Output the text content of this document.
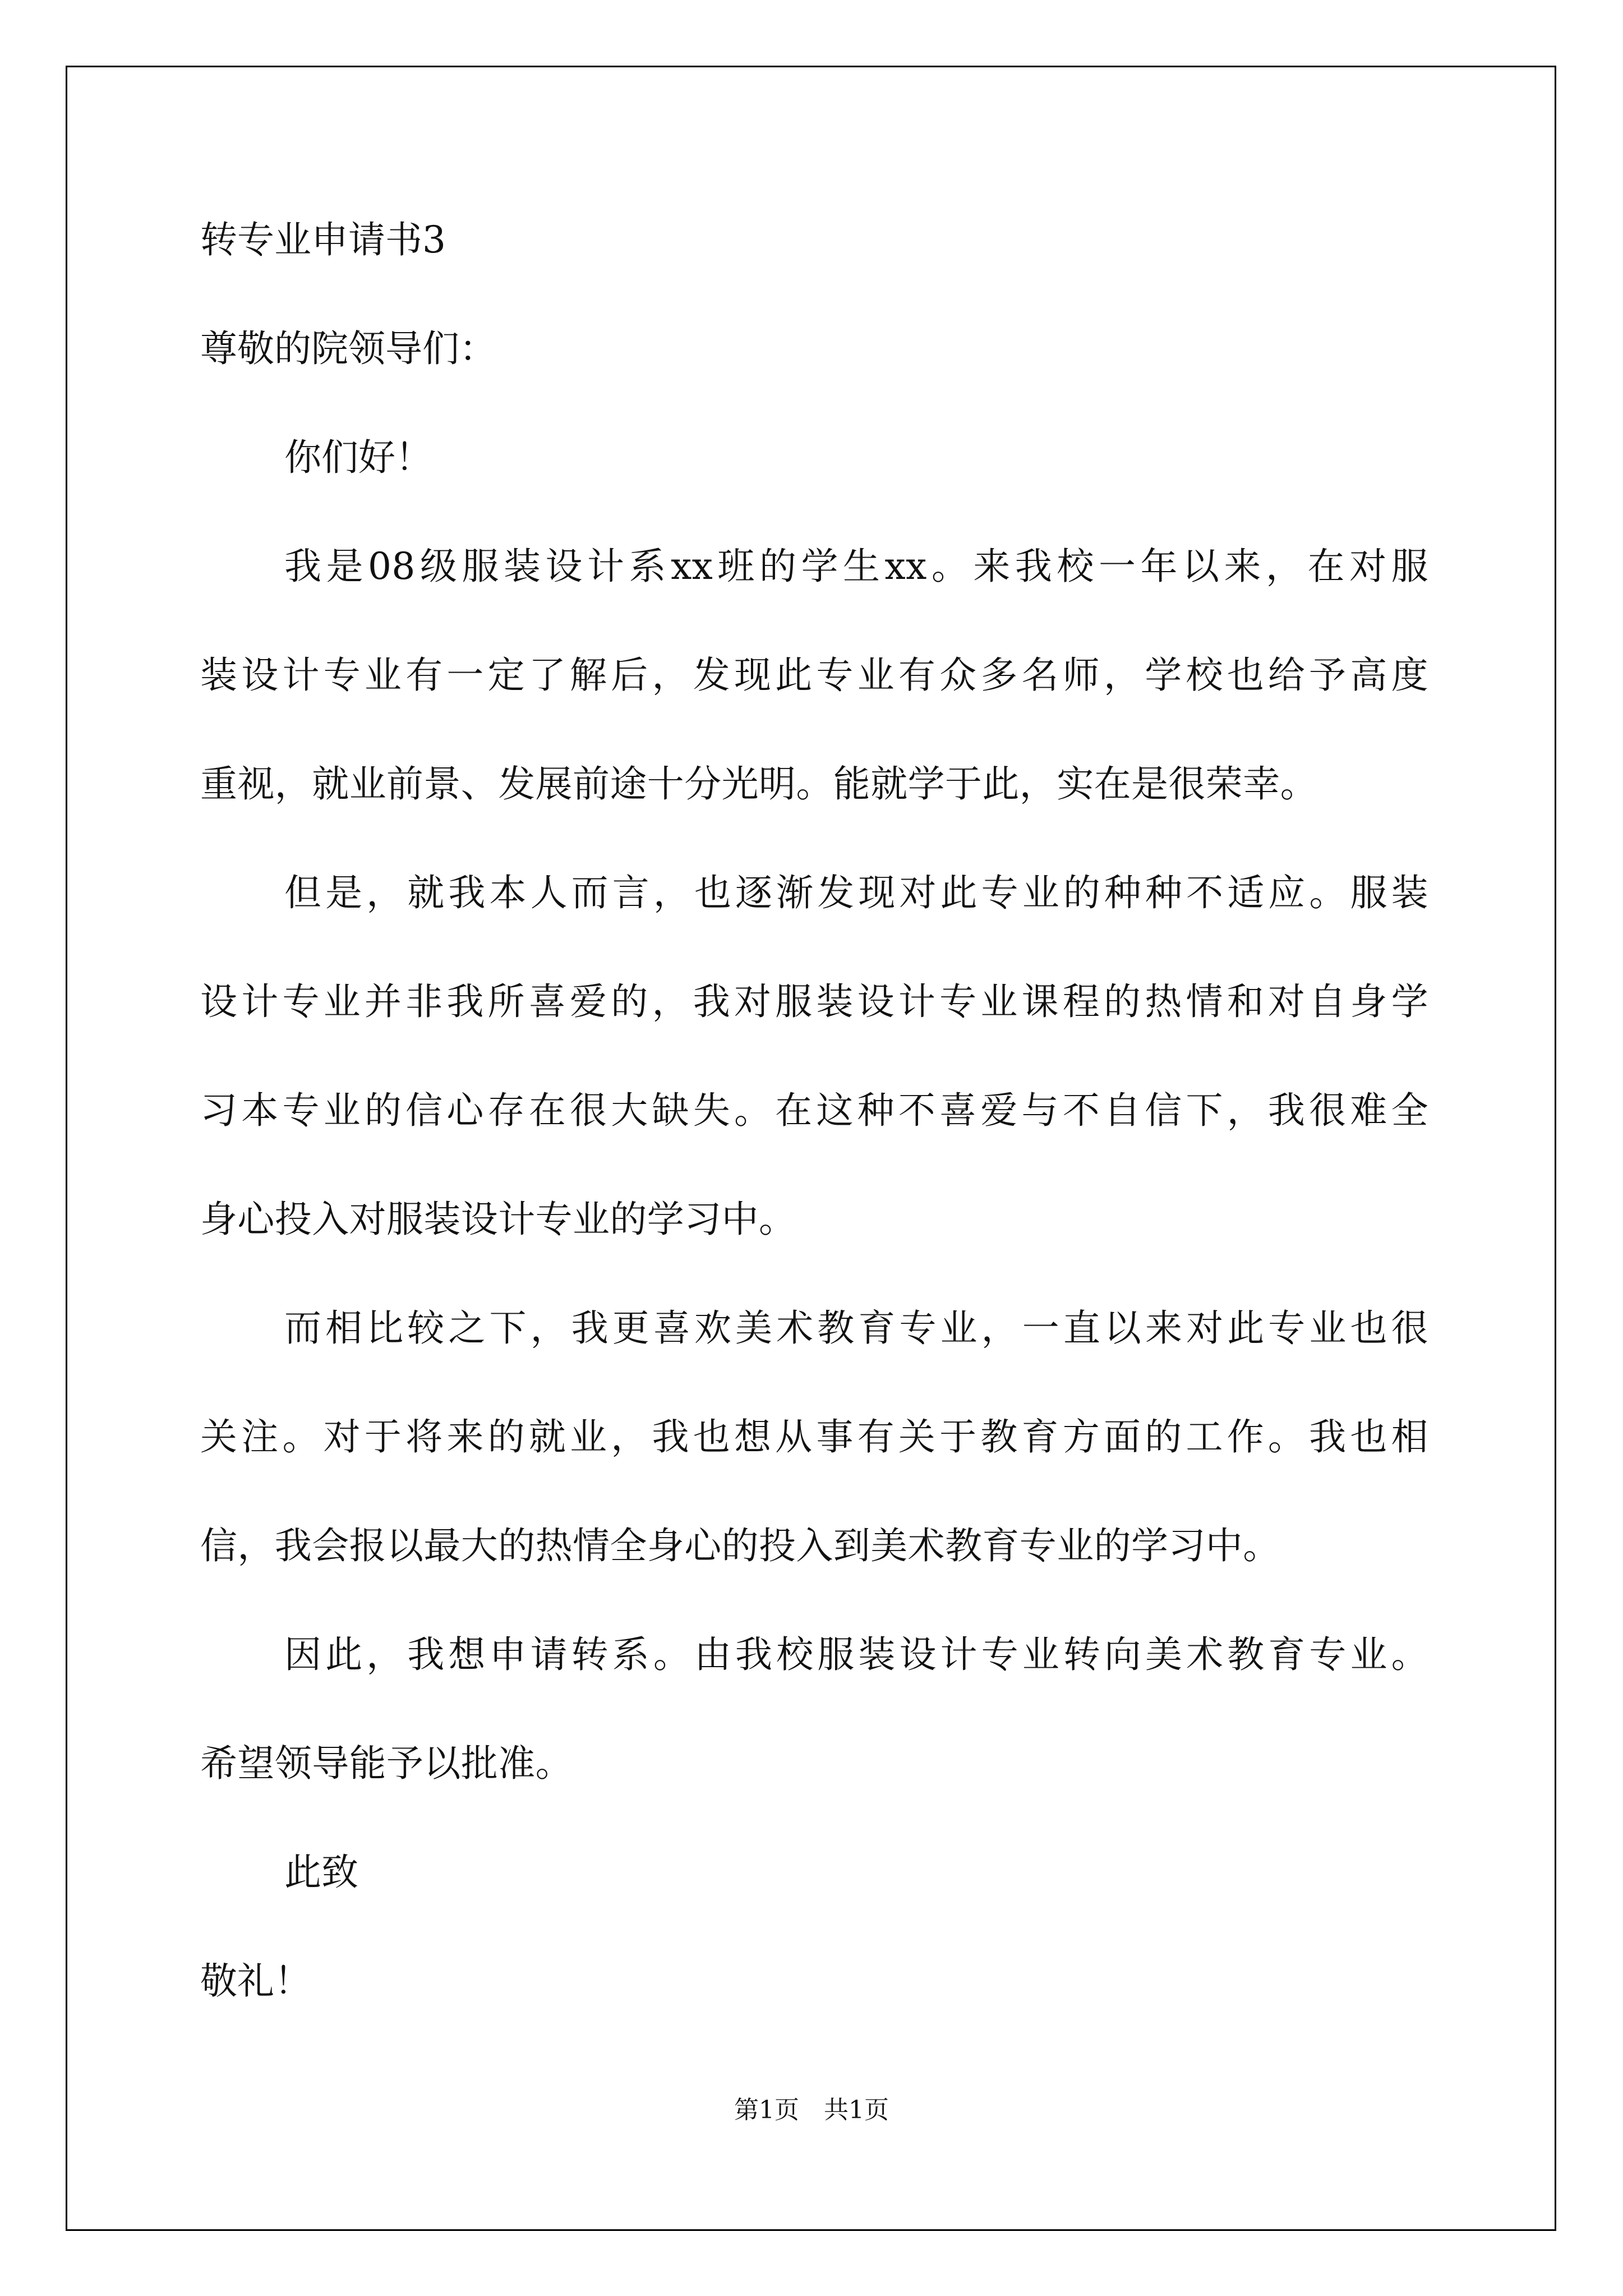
转专业申请书3
尊敬的院领导们：
你们好！
我是08级服装设计系xx班的学生xx。来我校一年以来，在对服
装设计专业有一定了解后，发现此专业有众多名师，学校也给予高度
重视，就业前景、发展前途十分光明。能就学于此，实在是很荣幸。
但是，就我本人而言，也逐渐发现对此专业的种种不适应。服装
设计专业并非我所喜爱的，我对服装设计专业课程的热情和对自身学
习本专业的信心存在很大缺失。在这种不喜爱与不自信下，我很难全
身心投入对服装设计专业的学习中。
而相比较之下，我更喜欢美术教育专业，一直以来对此专业也很
关注。对于将来的就业，我也想从事有关于教育方面的工作。我也相
信，我会报以最大的热情全身心的投入到美术教育专业的学习中。
因此，我想申请转系。由我校服装设计专业转向美术教育专业。
希望领导能予以批准。
此致
敬礼！
第1页　共1页
